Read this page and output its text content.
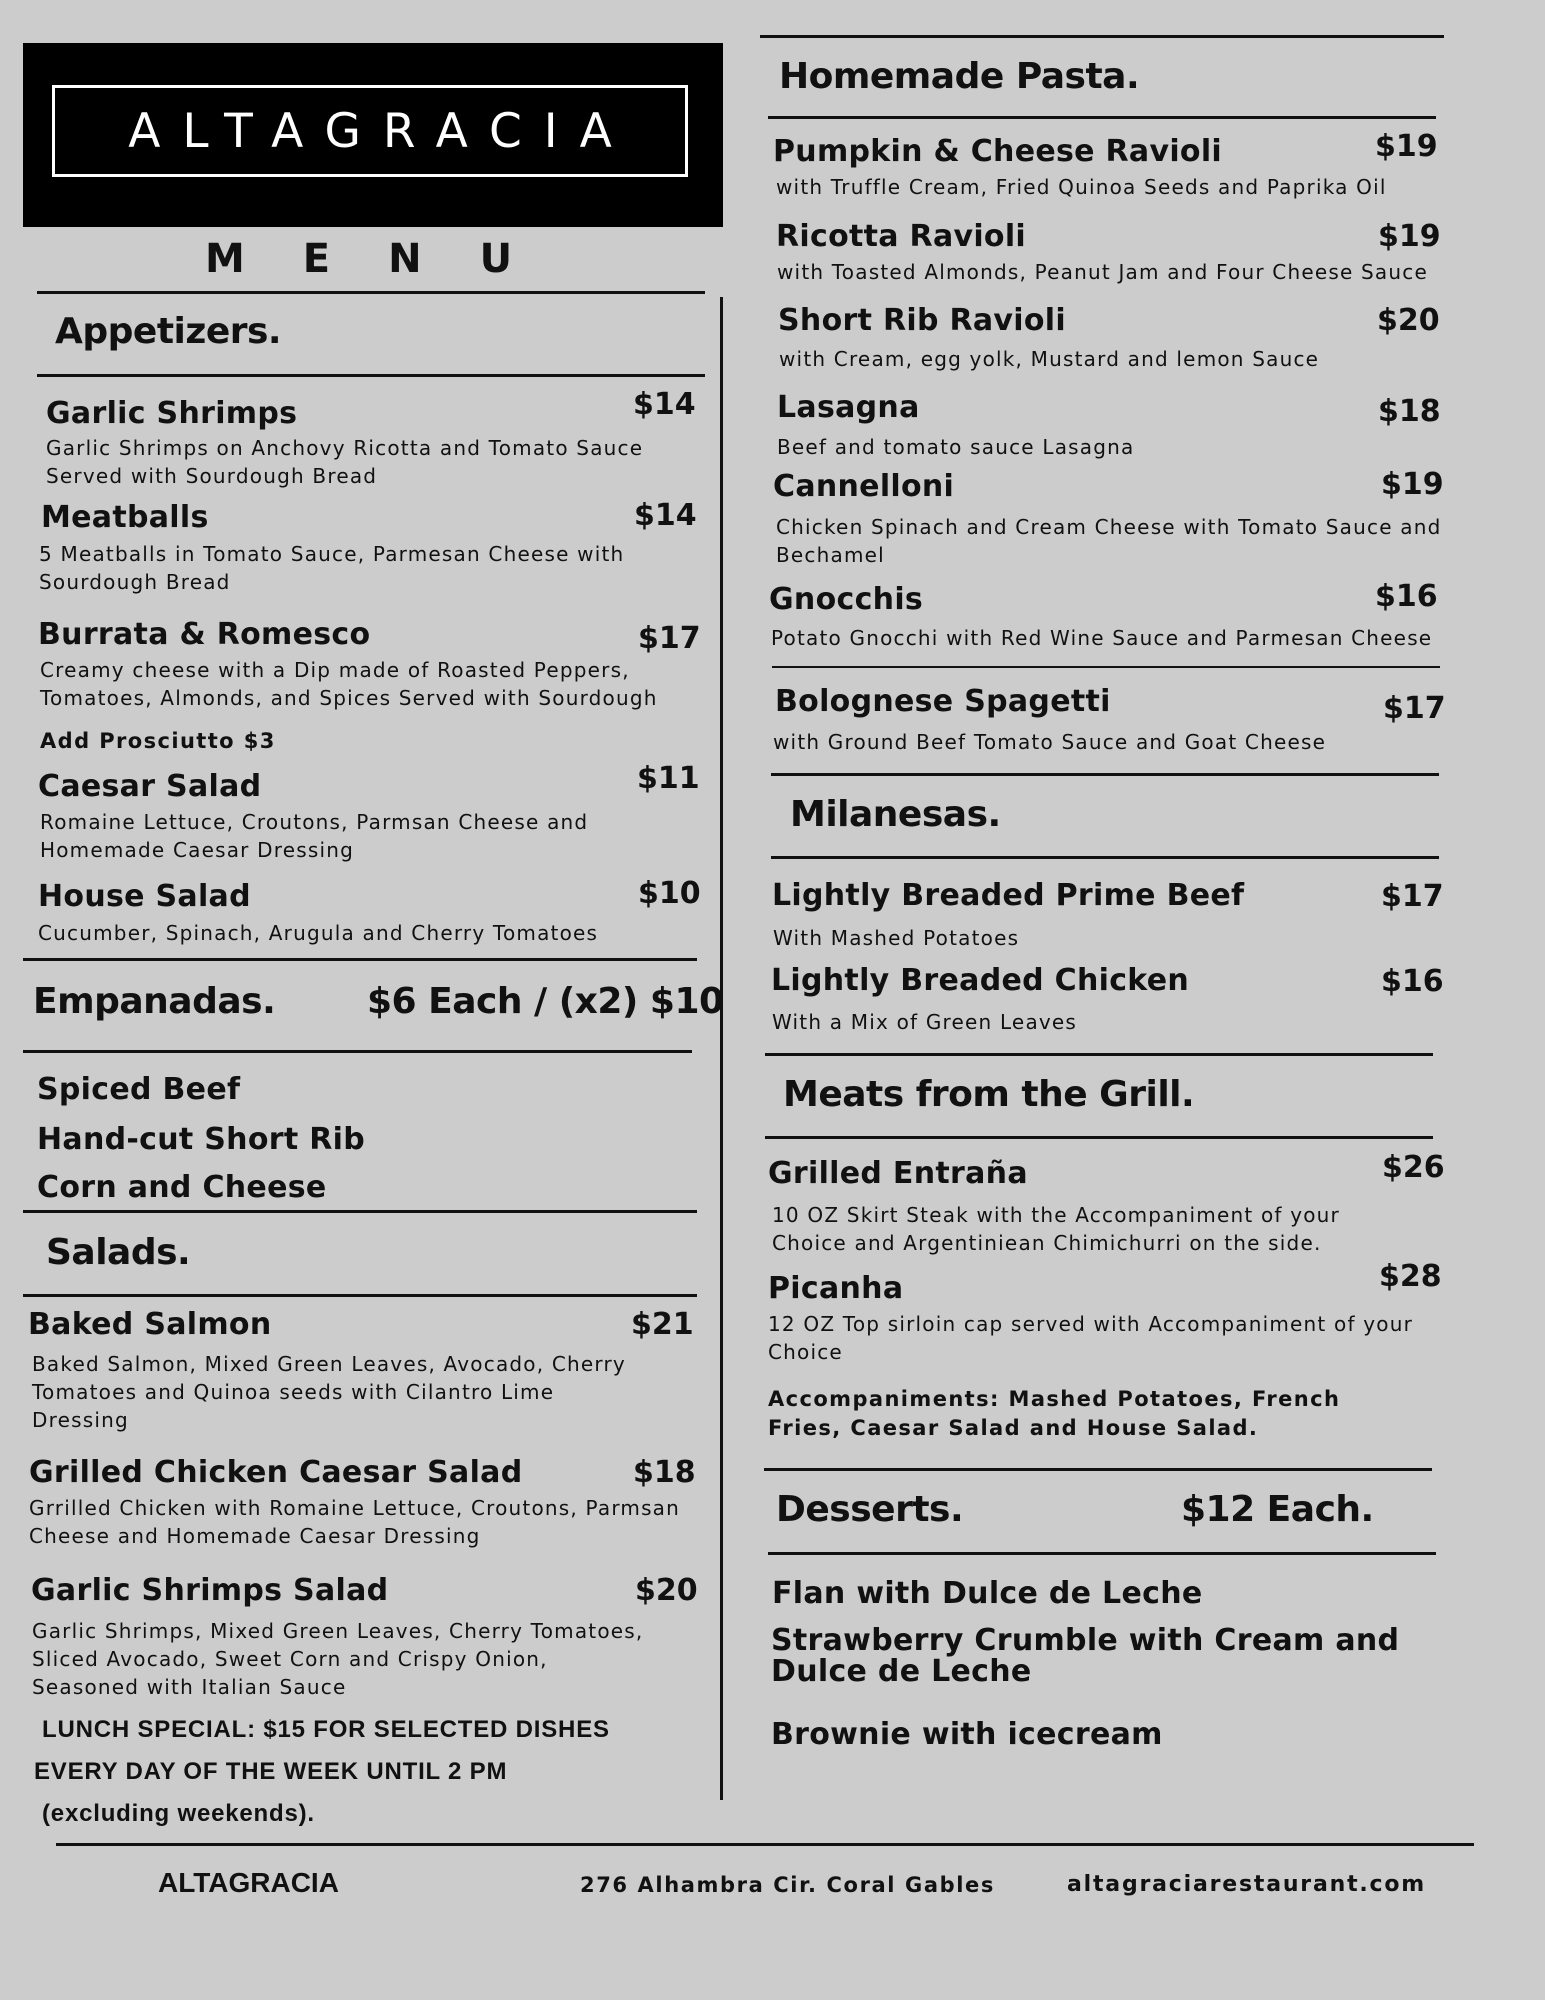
ALTAGRACIA
MENU
Appetizers.
Garlic Shrimps	$14
Garlic Shrimps on Anchovy Ricotta and Tomato Sauce Served with Sourdough Bread
Meatballs	$14
5 Meatballs in Tomato Sauce, Parmesan Cheese with Sourdough Bread
Burrata & Romesco	$17
Creamy cheese with a Dip made of Roasted Peppers, Tomatoes, Almonds, and Spices Served with Sourdough
Add Prosciutto $3
Caesar Salad	$11
Romaine Lettuce, Croutons, Parmsan Cheese and Homemade Caesar Dressing
House Salad	$10
Cucumber, Spinach, Arugula and Cherry Tomatoes
Empanadas.	$6 Each / (x2) $10
Spiced Beef
Hand-cut Short Rib
Corn and Cheese
Salads.
Baked Salmon	$21
Baked Salmon, Mixed Green Leaves, Avocado, Cherry Tomatoes and Quinoa seeds with Cilantro Lime Dressing
Grilled Chicken Caesar Salad	$18
Grrilled Chicken with Romaine Lettuce, Croutons, Parmsan Cheese and Homemade Caesar Dressing
Garlic Shrimps Salad	$20
Garlic Shrimps, Mixed Green Leaves, Cherry Tomatoes, Sliced Avocado, Sweet Corn and Crispy Onion, Seasoned with Italian Sauce
LUNCH SPECIAL: $15 FOR SELECTED DISHES
EVERY DAY OF THE WEEK UNTIL 2 PM
(excluding weekends).
Homemade Pasta.
Pumpkin & Cheese Ravioli	$19
with Truffle Cream, Fried Quinoa Seeds and Paprika Oil
Ricotta Ravioli	$19
with Toasted Almonds, Peanut Jam and Four Cheese Sauce
Short Rib Ravioli	$20
with Cream, egg yolk, Mustard and lemon Sauce
Lasagna	$18
Beef and tomato sauce Lasagna
Cannelloni	$19
Chicken Spinach and Cream Cheese with Tomato Sauce and Bechamel
Gnocchis	$16
Potato Gnocchi with Red Wine Sauce and Parmesan Cheese
Bolognese Spagetti	$17
with Ground Beef Tomato Sauce and Goat Cheese
Milanesas.
Lightly Breaded Prime Beef	$17
With Mashed Potatoes
Lightly Breaded Chicken	$16
With a Mix of Green Leaves
Meats from the Grill.
Grilled Entraña	$26
10 OZ Skirt Steak with the Accompaniment of your Choice and Argentiniean Chimichurri on the side.
Picanha	$28
12 OZ Top sirloin cap served with Accompaniment of your Choice
Accompaniments: Mashed Potatoes, French Fries, Caesar Salad and House Salad.
Desserts.	$12 Each.
Flan with Dulce de Leche
Strawberry Crumble with Cream and Dulce de Leche
Brownie with icecream
ALTAGRACIA	276 Alhambra Cir. Coral Gables	altagraciarestaurant.com
